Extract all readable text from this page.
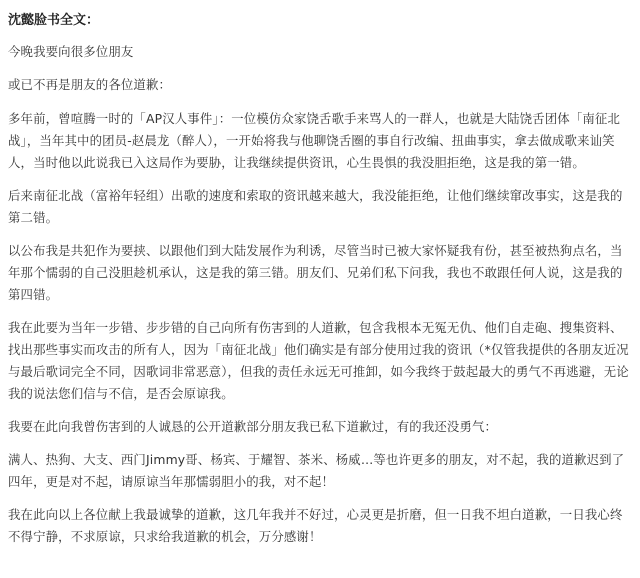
沈懿脸书全文：
今晚我要向很多位朋友
或已不再是朋友的各位道歉：
多年前，曾喧腾一时的「AP汉人事件」：一位模仿众家饶舌歌手来骂人的一群人，也就是大陆饶舌团体「南征北战」，当年其中的团员-赵晨龙（醉人），一开始将我与他聊饶舌圈的事自行改编、扭曲事实，拿去做成歌来讪笑人，当时他以此说我已入这局作为要胁，让我继续提供资讯，心生畏惧的我没胆拒绝，这是我的第一错。
后来南征北战（富裕年轻组）出歌的速度和索取的资讯越来越大，我没能拒绝，让他们继续窜改事实，这是我的第二错。
以公布我是共犯作为要挟、以跟他们到大陆发展作为利诱，尽管当时已被大家怀疑我有份，甚至被热狗点名，当年那个懦弱的自己没胆趁机承认，这是我的第三错。朋友们、兄弟们私下问我，我也不敢跟任何人说，这是我的第四错。
我在此要为当年一步错、步步错的自己向所有伤害到的人道歉，包含我根本无冤无仇、他们自走砲、搜集资料、找出那些事实而攻击的所有人，因为「南征北战」他们确实是有部分使用过我的资讯（*仅管我提供的各朋友近况与最后歌词完全不同，因歌词非常恶意），但我的责任永远无可推卸，如今我终于鼓起最大的勇气不再逃避，无论我的说法您们信与不信，是否会原谅我。
我要在此向我曾伤害到的人诚恳的公开道歉部分朋友我已私下道歉过，有的我还没勇气：
满人、热狗、大支、西门Jimmy哥、杨宾、于耀智、茶米、杨威…等也许更多的朋友，对不起，我的道歉迟到了四年，更是对不起，请原谅当年那懦弱胆小的我，对不起！
我在此向以上各位献上我最诚挚的道歉，这几年我并不好过，心灵更是折磨，但一日我不坦白道歉，一日我心终不得宁静，不求原谅，只求给我道歉的机会，万分感谢！
